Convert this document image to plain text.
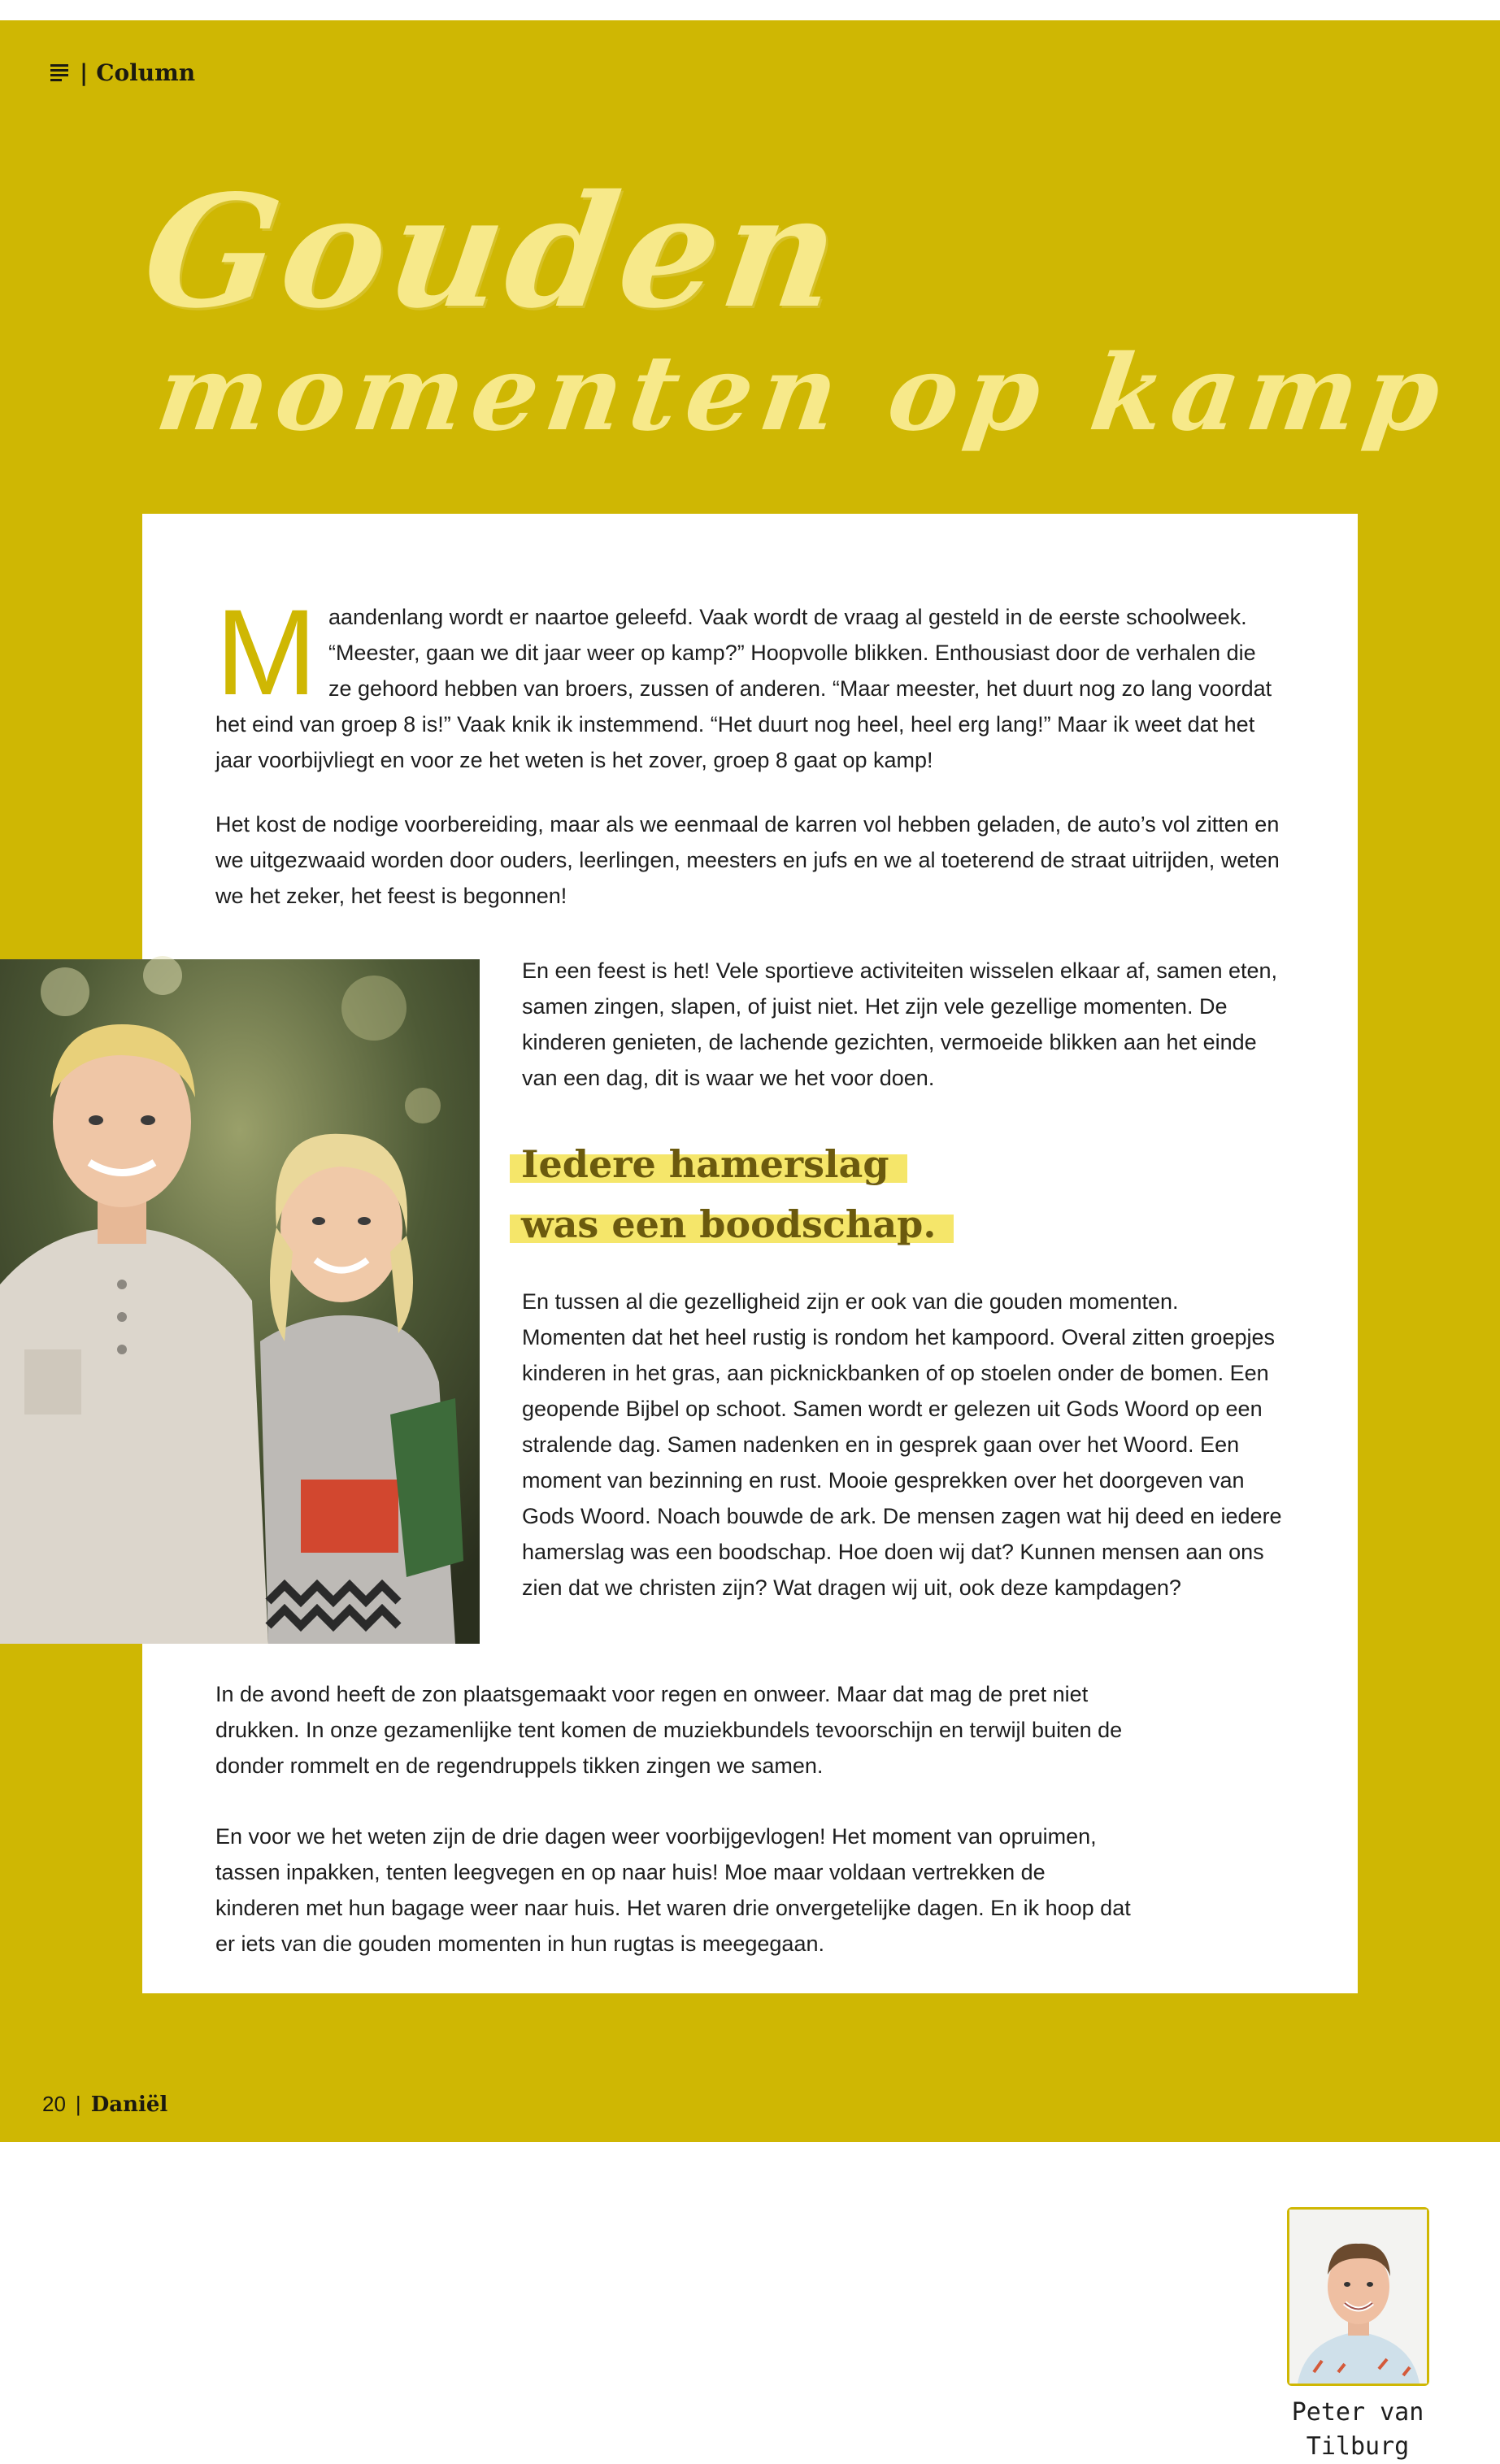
| Column
Gouden
momenten op kamp

Maandenlang wordt er naartoe geleefd. Vaak wordt de vraag al gesteld in de eerste schoolweek. “Meester, gaan we dit jaar weer op kamp?” Hoopvolle blikken. Enthousiast door de verhalen die ze gehoord hebben van broers, zussen of anderen. “Maar meester, het duurt nog zo lang voordat het eind van groep 8 is!” Vaak knik ik instemmend. “Het duurt nog heel, heel erg lang!” Maar ik weet dat het jaar voorbijvliegt en voor ze het weten is het zover, groep 8 gaat op kamp!

Het kost de nodige voorbereiding, maar als we eenmaal de karren vol hebben geladen, de auto’s vol zitten en we uitgezwaaid worden door ouders, leerlingen, meesters en jufs en we al toeterend de straat uitrijden, weten we het zeker, het feest is begonnen!

En een feest is het! Vele sportieve activiteiten wisselen elkaar af, samen eten, samen zingen, slapen, of juist niet. Het zijn vele gezellige momenten. De kinderen genieten, de lachende gezichten, vermoeide blikken aan het einde van een dag, dit is waar we het voor doen.

Iedere hamerslag
was een boodschap.

En tussen al die gezelligheid zijn er ook van die gouden momenten. Momenten dat het heel rustig is rondom het kampoord. Overal zitten groepjes kinderen in het gras, aan picknickbanken of op stoelen onder de bomen. Een geopende Bijbel op schoot. Samen wordt er gelezen uit Gods Woord op een stralende dag. Samen nadenken en in gesprek gaan over het Woord. Een moment van bezinning en rust. Mooie gesprekken over het doorgeven van Gods Woord. Noach bouwde de ark. De mensen zagen wat hij deed en iedere hamerslag was een boodschap. Hoe doen wij dat? Kunnen mensen aan ons zien dat we christen zijn? Wat dragen wij uit, ook deze kampdagen?

In de avond heeft de zon plaatsgemaakt voor regen en onweer. Maar dat mag de pret niet drukken. In onze gezamenlijke tent komen de muziekbundels tevoorschijn en terwijl buiten de donder rommelt en de regendruppels tikken zingen we samen.

En voor we het weten zijn de drie dagen weer voorbijgevlogen! Het moment van opruimen, tassen inpakken, tenten leegvegen en op naar huis! Moe maar voldaan vertrekken de kinderen met hun bagage weer naar huis. Het waren drie onvergetelijke dagen. En ik hoop dat er iets van die gouden momenten in hun rugtas is meegegaan.

Peter van
Tilburg
20 | Daniël
